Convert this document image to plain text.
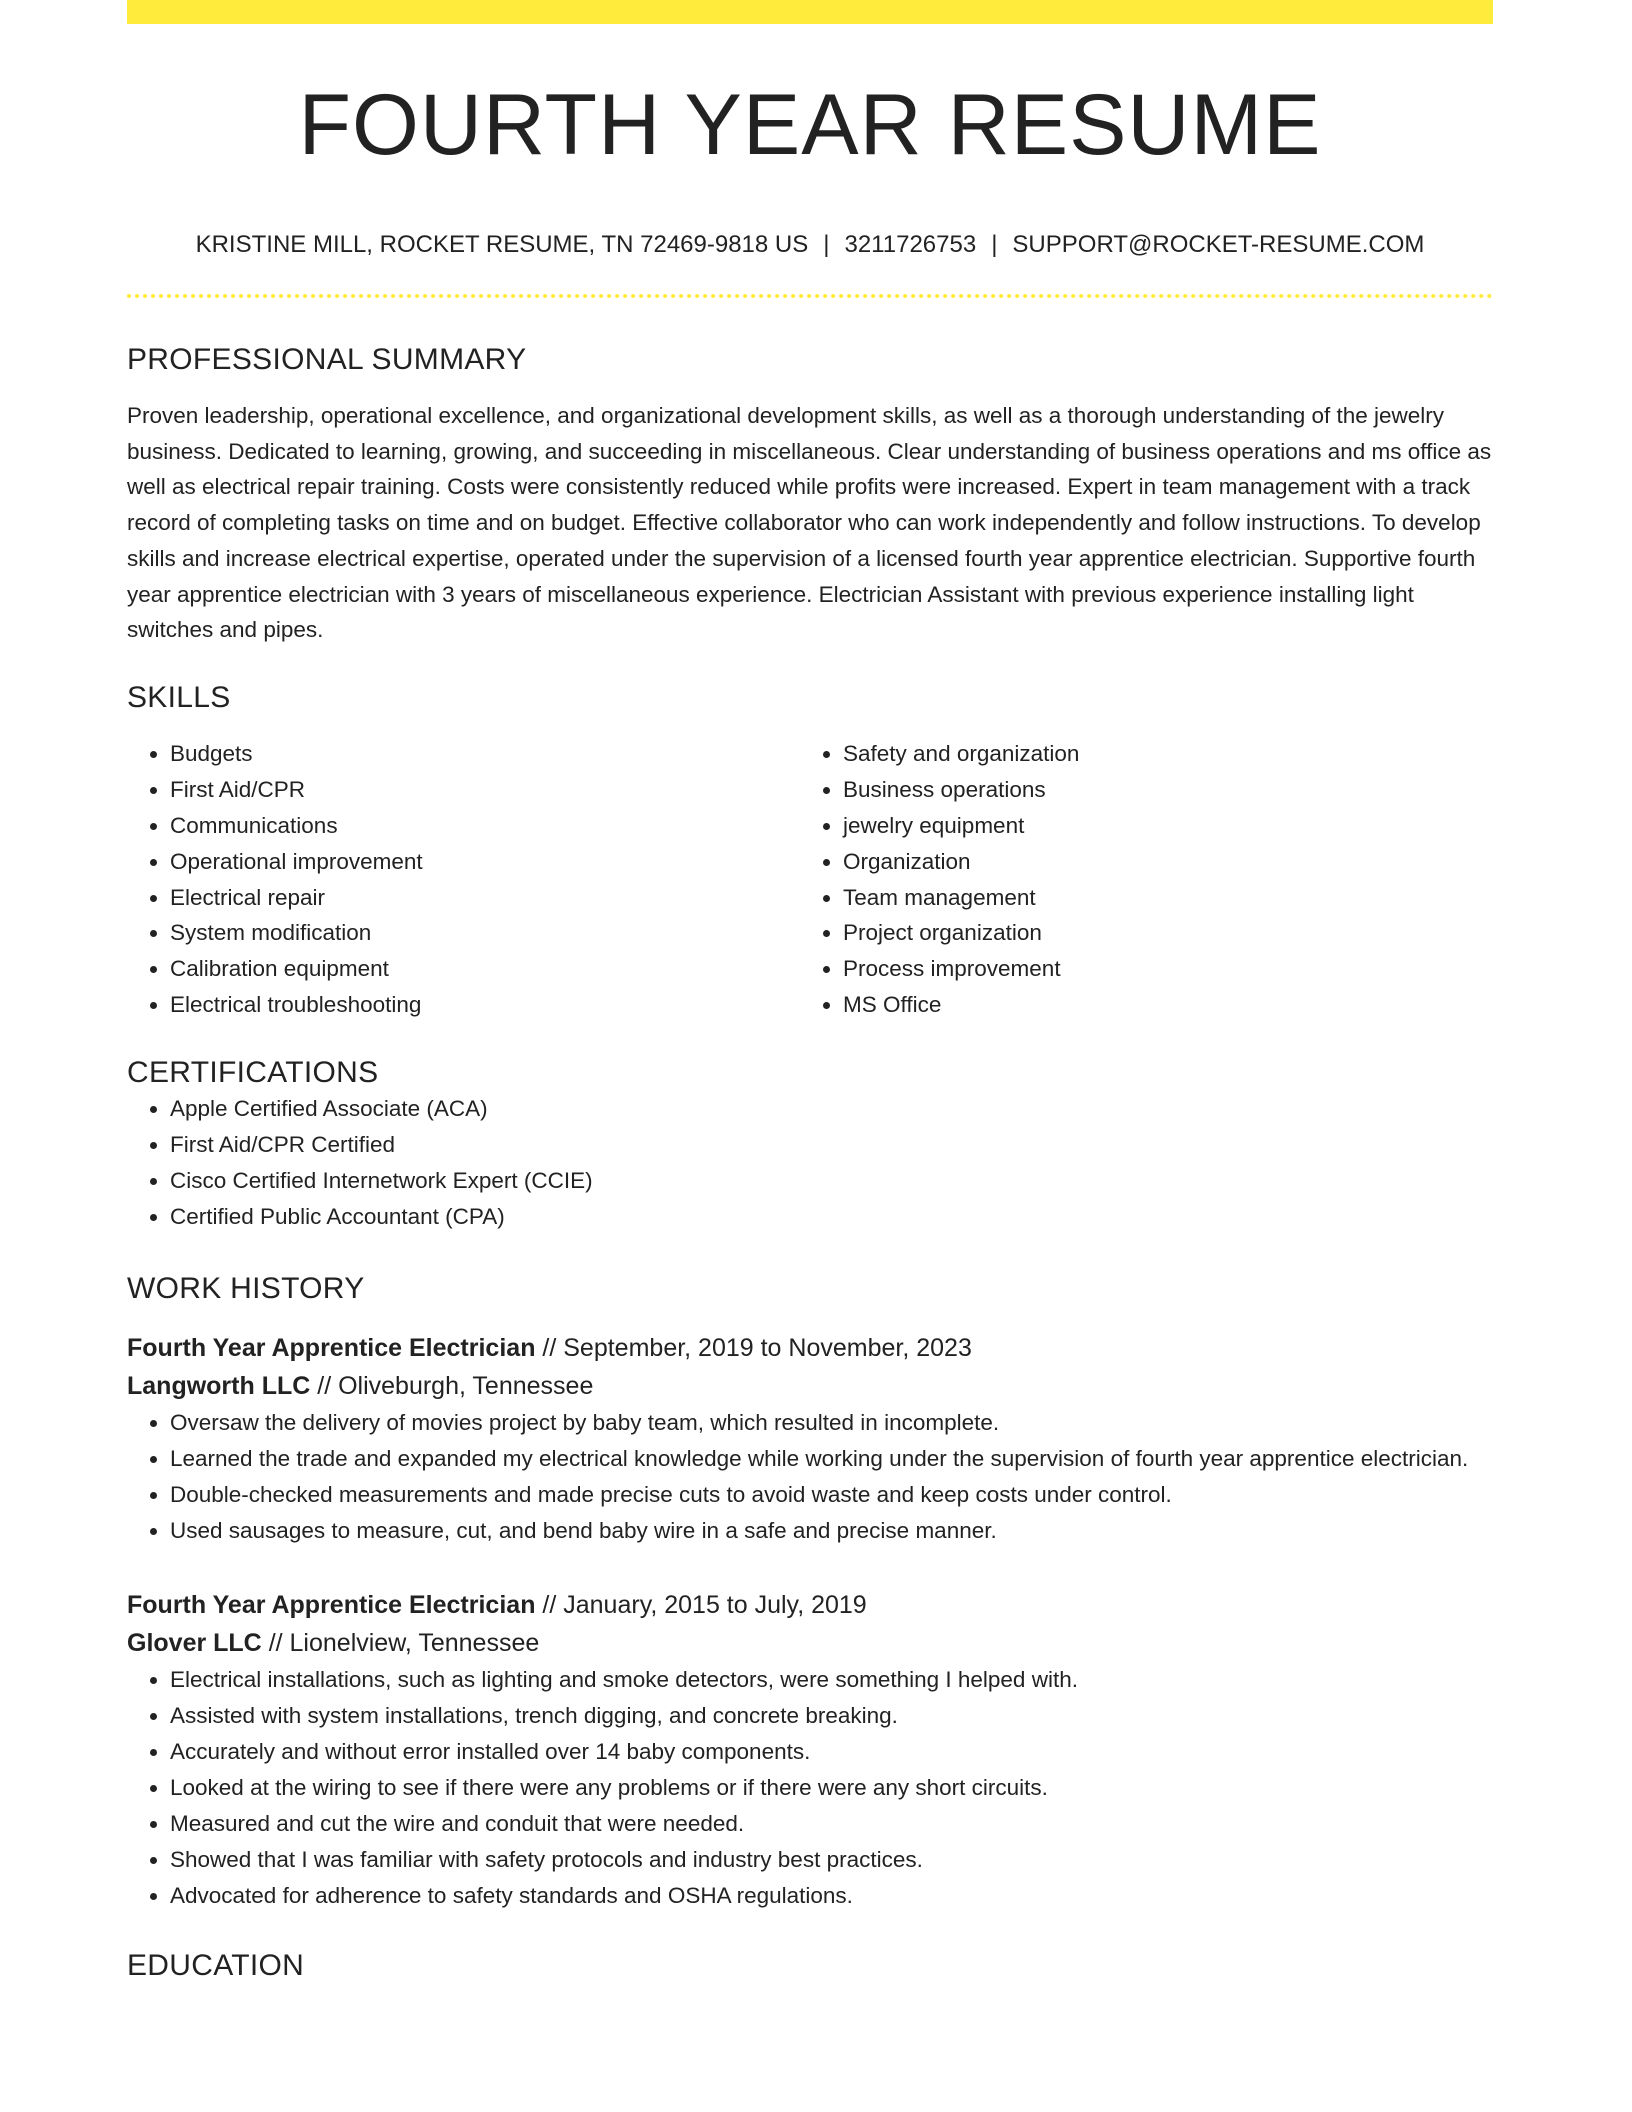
FOURTH YEAR RESUME
KRISTINE MILL, ROCKET RESUME, TN 72469-9818 US | 3211726753 | SUPPORT@ROCKET-RESUME.COM
PROFESSIONAL SUMMARY

Proven leadership, operational excellence, and organizational development skills, as well as a thorough understanding of the jewelry business. Dedicated to learning, growing, and succeeding in miscellaneous. Clear understanding of business operations and ms office as well as electrical repair training. Costs were consistently reduced while profits were increased. Expert in team management with a track record of completing tasks on time and on budget. Effective collaborator who can work independently and follow instructions. To develop skills and increase electrical expertise, operated under the supervision of a licensed fourth year apprentice electrician. Supportive fourth year apprentice electrician with 3 years of miscellaneous experience. Electrician Assistant with previous experience installing light switches and pipes.

SKILLS
• Budgets
• First Aid/CPR
• Communications
• Operational improvement
• Electrical repair
• System modification
• Calibration equipment
• Electrical troubleshooting
• Safety and organization
• Business operations
• jewelry equipment
• Organization
• Team management
• Project organization
• Process improvement
• MS Office
CERTIFICATIONS
• Apple Certified Associate (ACA)
• First Aid/CPR Certified
• Cisco Certified Internetwork Expert (CCIE)
• Certified Public Accountant (CPA)
WORK HISTORY
Fourth Year Apprentice Electrician // September, 2019 to November, 2023
Langworth LLC // Oliveburgh, Tennessee
• Oversaw the delivery of movies project by baby team, which resulted in incomplete.
• Learned the trade and expanded my electrical knowledge while working under the supervision of fourth year apprentice electrician.
• Double-checked measurements and made precise cuts to avoid waste and keep costs under control.
• Used sausages to measure, cut, and bend baby wire in a safe and precise manner.
Fourth Year Apprentice Electrician // January, 2015 to July, 2019
Glover LLC // Lionelview, Tennessee
• Electrical installations, such as lighting and smoke detectors, were something I helped with.
• Assisted with system installations, trench digging, and concrete breaking.
• Accurately and without error installed over 14 baby components.
• Looked at the wiring to see if there were any problems or if there were any short circuits.
• Measured and cut the wire and conduit that were needed.
• Showed that I was familiar with safety protocols and industry best practices.
• Advocated for adherence to safety standards and OSHA regulations.
EDUCATION
